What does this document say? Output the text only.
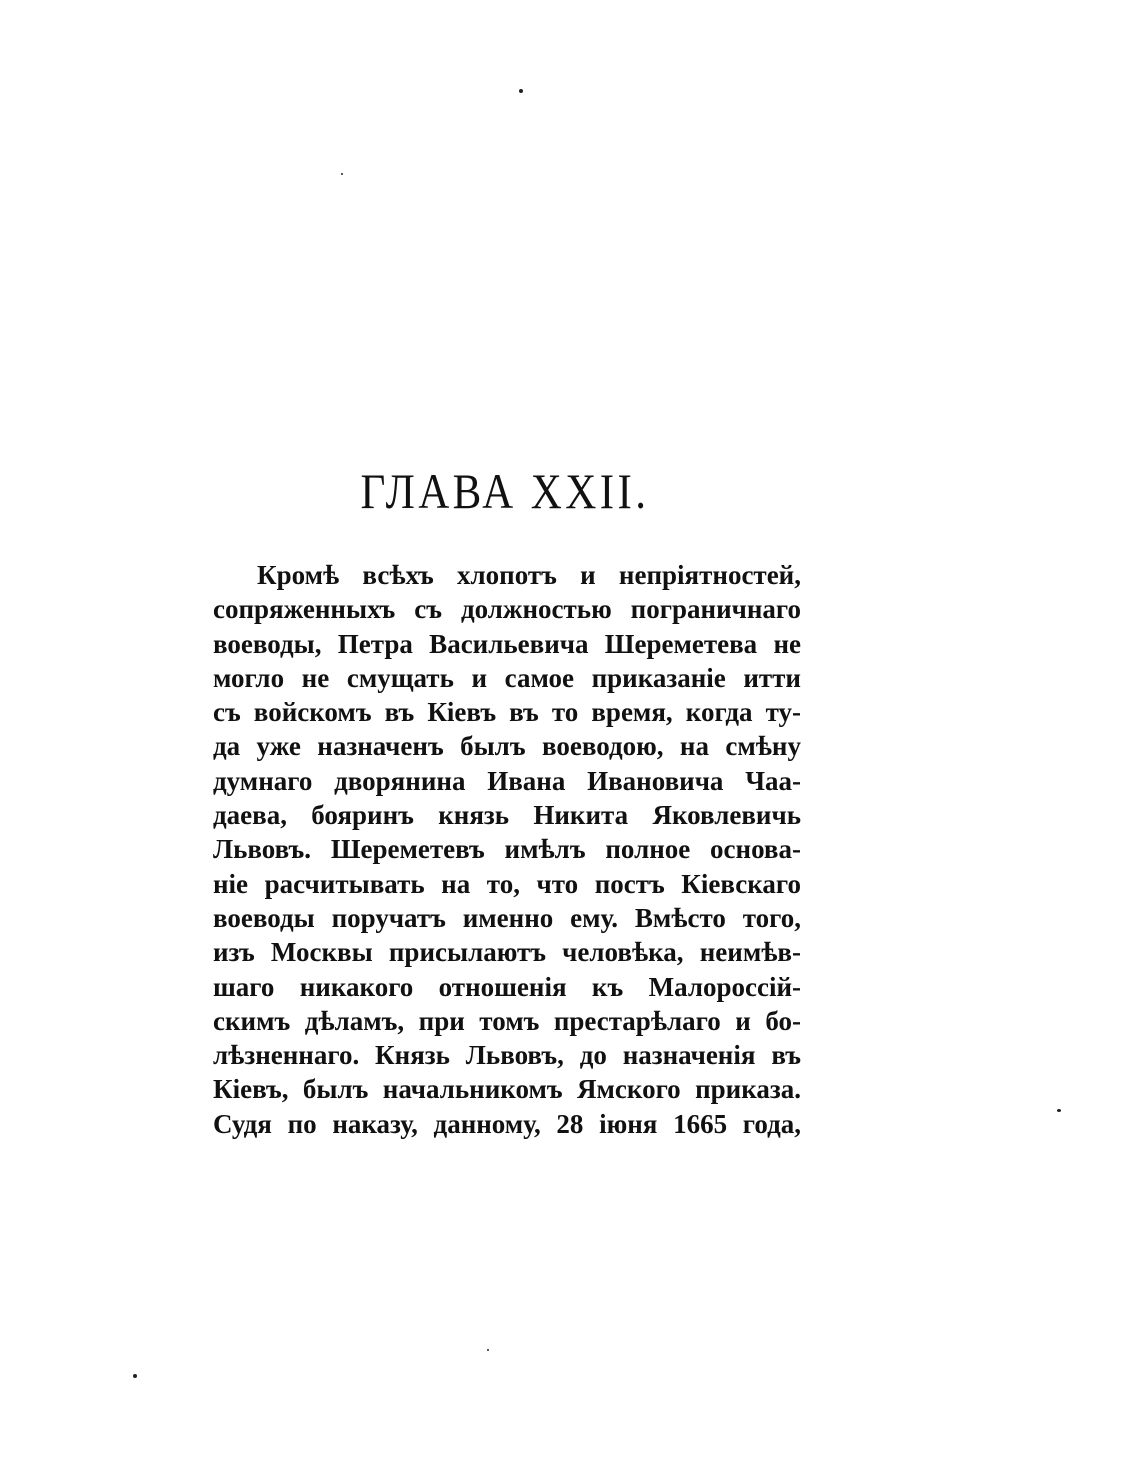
ГЛАВА XXII.
Кромѣ всѣхъ хлопотъ и непріятностей,
сопряженныхъ съ должностью пограничнаго
воеводы, Петра Васильевича Шереметева не
могло не смущать и самое приказаніе итти
съ войскомъ въ Кіевъ въ то время, когда ту-
да уже назначенъ былъ воеводою, на смѣну
думнаго дворянина Ивана Ивановича Чаа-
даева, бояринъ князь Никита Яковлевичь
Львовъ. Шереметевъ имѣлъ полное основа-
ніе расчитывать на то, что постъ Кіевскаго
воеводы поручатъ именно ему. Вмѣсто того,
изъ Москвы присылаютъ человѣка, неимѣв-
шаго никакого отношенія къ Малороссій-
скимъ дѣламъ, при томъ престарѣлаго и бо-
лѣзненнаго. Князь Львовъ, до назначенія въ
Кіевъ, былъ начальникомъ Ямского приказа.
Судя по наказу, данному, 28 іюня 1665 года,
